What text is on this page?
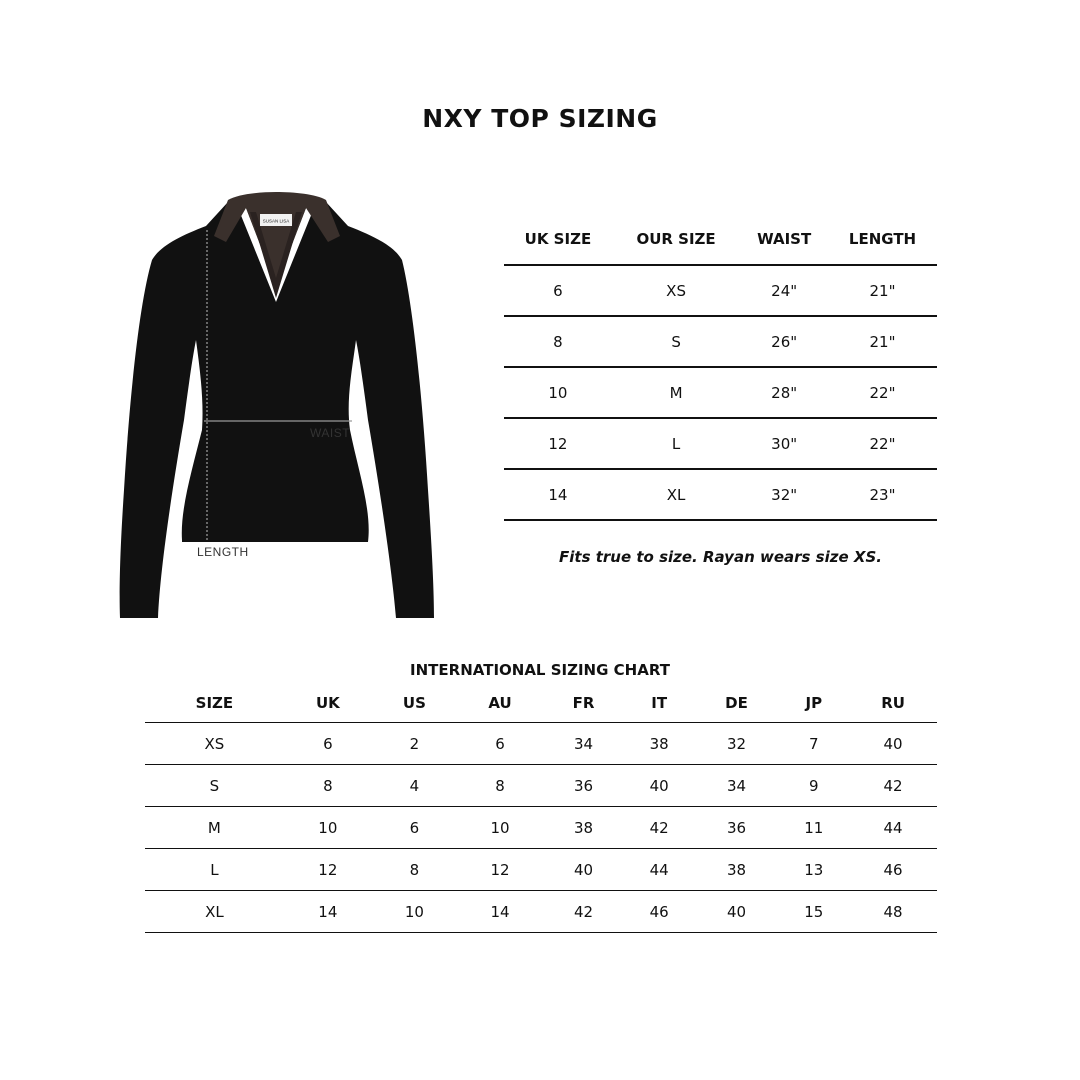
NXY TOP SIZING
SUSAN LISA
WAIST
LENGTH
UK SIZE	OUR SIZE	WAIST	LENGTH
6	XS	24"	21"
8	S	26"	21"
10	M	28"	22"
12	L	30"	22"
14	XL	32"	23"

Fits true to size. Rayan wears size XS.

INTERNATIONAL SIZING CHART
SIZE	UK	US	AU	FR	IT	DE	JP	RU
XS	6	2	6	34	38	32	7	40
S	8	4	8	36	40	34	9	42
M	10	6	10	38	42	36	11	44
L	12	8	12	40	44	38	13	46
XL	14	10	14	42	46	40	15	48
